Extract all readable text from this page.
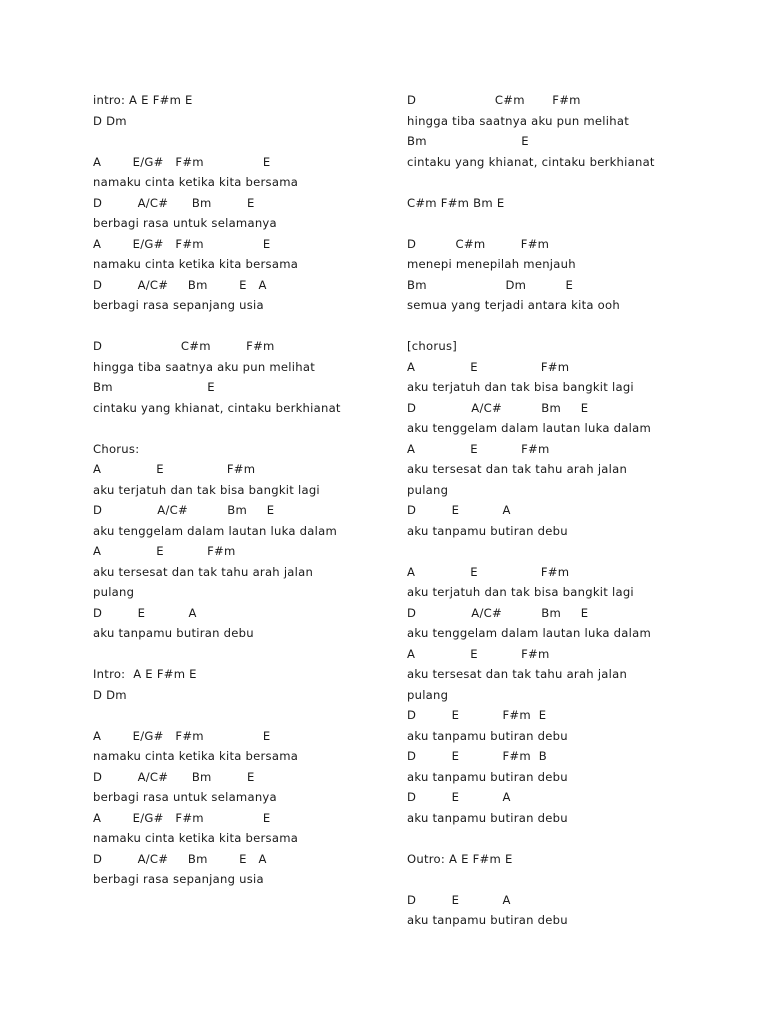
intro: A E F#m E
D Dm
A        E/G#   F#m               E
namaku cinta ketika kita bersama
D         A/C#      Bm         E
berbagi rasa untuk selamanya
A        E/G#   F#m               E
namaku cinta ketika kita bersama
D         A/C#     Bm        E   A
berbagi rasa sepanjang usia
D                    C#m         F#m
hingga tiba saatnya aku pun melihat
Bm                        E
cintaku yang khianat, cintaku berkhianat
Chorus:
A              E                F#m
aku terjatuh dan tak bisa bangkit lagi
D              A/C#          Bm     E
aku tenggelam dalam lautan luka dalam
A              E           F#m
aku tersesat dan tak tahu arah jalan
pulang
D         E           A
aku tanpamu butiran debu
Intro:  A E F#m E
D Dm
A        E/G#   F#m               E
namaku cinta ketika kita bersama
D         A/C#      Bm         E
berbagi rasa untuk selamanya
A        E/G#   F#m               E
namaku cinta ketika kita bersama
D         A/C#     Bm        E   A
berbagi rasa sepanjang usia
D                    C#m       F#m
hingga tiba saatnya aku pun melihat
Bm                        E
cintaku yang khianat, cintaku berkhianat
C#m F#m Bm E
D          C#m         F#m
menepi menepilah menjauh
Bm                    Dm          E
semua yang terjadi antara kita ooh
[chorus]
A              E                F#m
aku terjatuh dan tak bisa bangkit lagi
D              A/C#          Bm     E
aku tenggelam dalam lautan luka dalam
A              E           F#m
aku tersesat dan tak tahu arah jalan
pulang
D         E           A
aku tanpamu butiran debu
A              E                F#m
aku terjatuh dan tak bisa bangkit lagi
D              A/C#          Bm     E
aku tenggelam dalam lautan luka dalam
A              E           F#m
aku tersesat dan tak tahu arah jalan
pulang
D         E           F#m  E
aku tanpamu butiran debu
D         E           F#m  B
aku tanpamu butiran debu
D         E           A
aku tanpamu butiran debu
Outro: A E F#m E
D         E           A
aku tanpamu butiran debu
